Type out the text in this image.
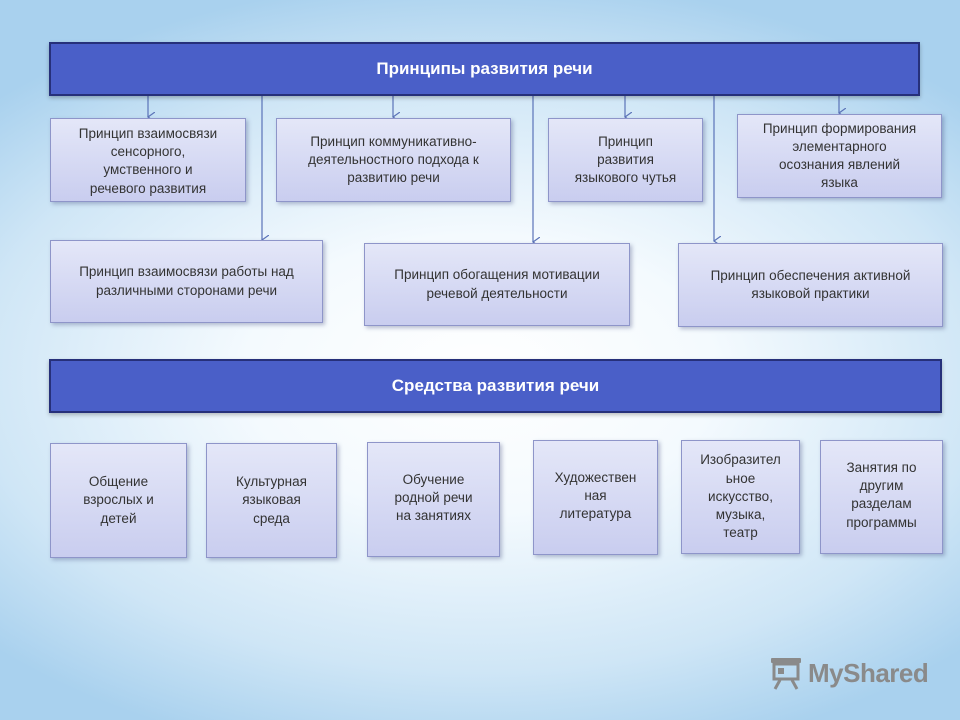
Принципы развития речи
Принцип взаимосвязи
сенсорного,
умственного и
речевого развития
Принцип коммуникативно-
деятельностного подхода к
развитию речи
Принцип
развития
языкового чутья
Принцип формирования
элементарного
осознания явлений
языка
Принцип взаимосвязи работы над
различными сторонами речи
Принцип обогащения мотивации
речевой деятельности
Принцип обеспечения активной
языковой практики
Средства развития речи
Общение
взрослых и
детей
Культурная
языковая
среда
Обучение
родной речи
на занятиях
Художествен
ная
литература
Изобразител
ьное
искусство,
музыка,
театр
Занятия по
другим
разделам
программы
MyShared
